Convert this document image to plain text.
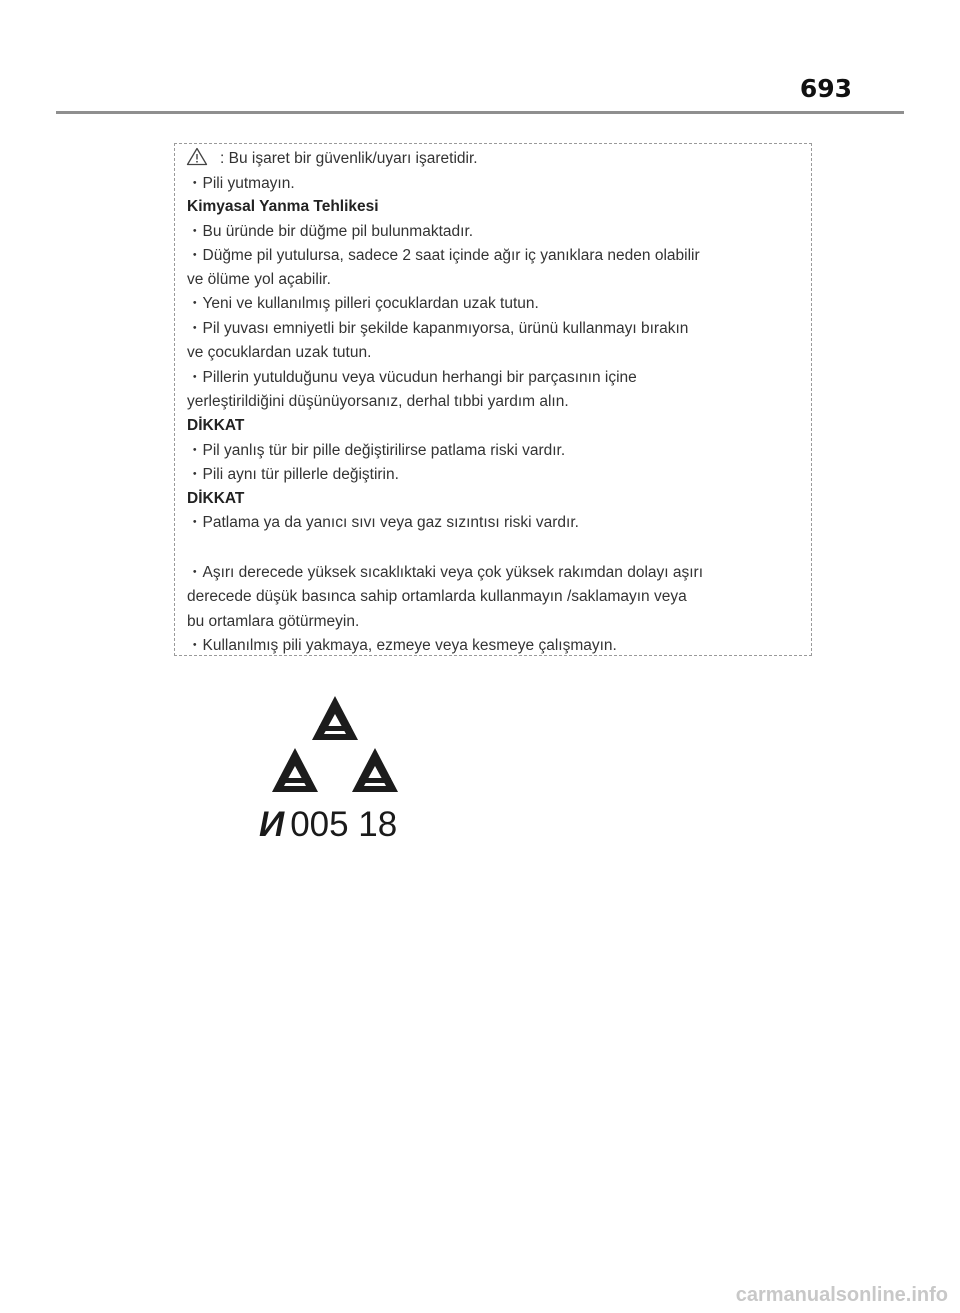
693
: Bu işaret bir güvenlik/uyarı işaretidir.
・Pili yutmayın.
Kimyasal Yanma Tehlikesi
・Bu üründe bir düğme pil bulunmaktadır.
・Düğme pil yutulursa, sadece 2 saat içinde ağır iç yanıklara neden olabilir
ve ölüme yol açabilir.
・Yeni ve kullanılmış pilleri çocuklardan uzak tutun.
・Pil yuvası emniyetli bir şekilde kapanmıyorsa, ürünü kullanmayı bırakın
ve çocuklardan uzak tutun.
・Pillerin yutulduğunu veya vücudun herhangi bir parçasının içine
yerleştirildiğini düşünüyorsanız, derhal tıbbi yardım alın.
DİKKAT
・Pil yanlış tür bir pille değiştirilirse patlama riski vardır.
・Pili aynı tür pillerle değiştirin.
DİKKAT
・Patlama ya da yanıcı sıvı veya gaz sızıntısı riski vardır.
・Aşırı derecede yüksek sıcaklıktaki veya çok yüksek rakımdan dolayı aşırı
derecede düşük basınca sahip ortamlarda kullanmayın /saklamayın veya
bu ortamlara götürmeyin.
・Kullanılmış pili yakmaya, ezmeye veya kesmeye çalışmayın.
И 005 18
carmanualsonline.info
